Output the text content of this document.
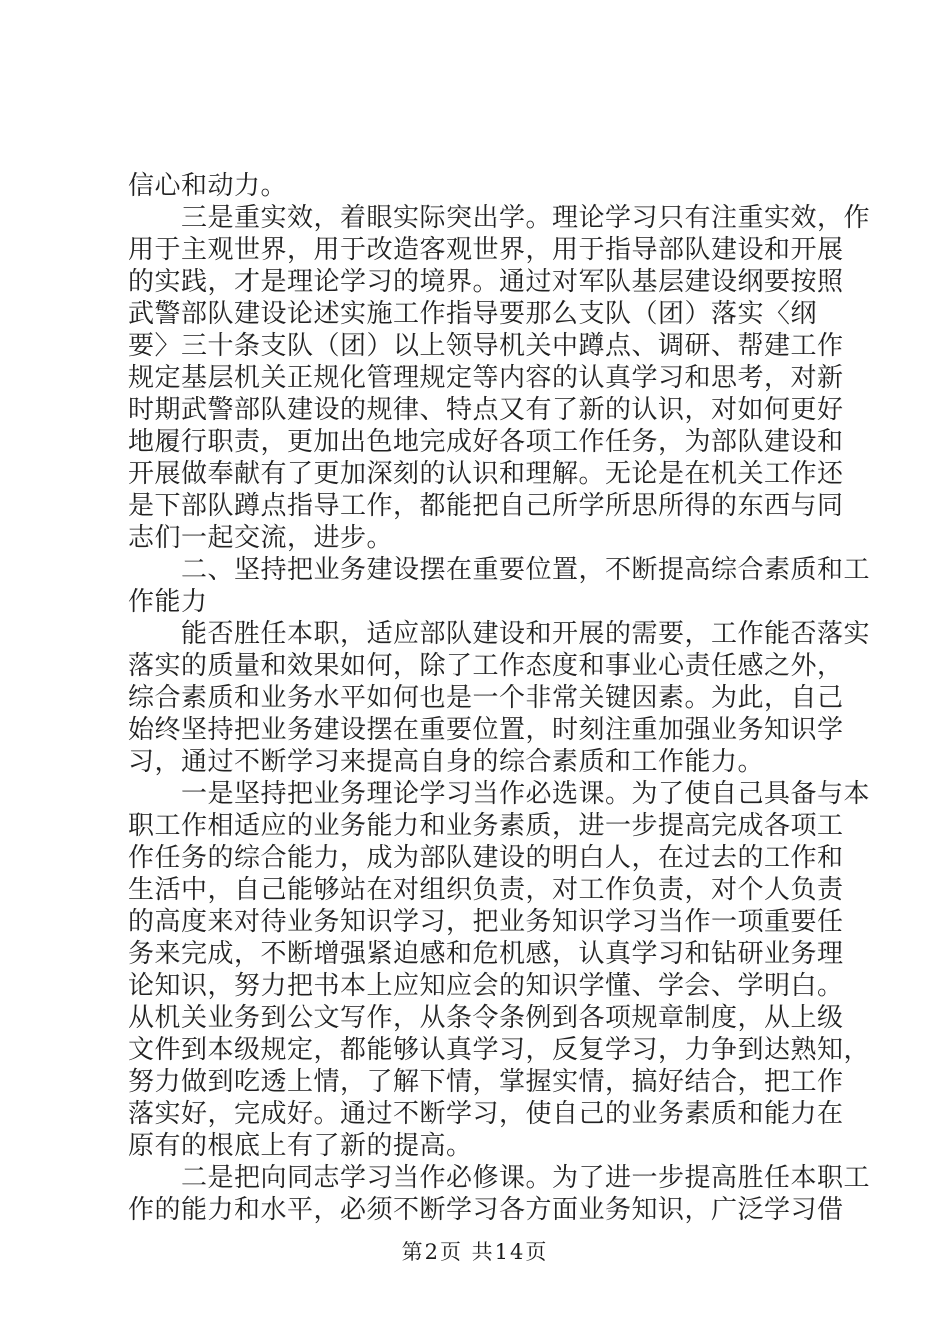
信心和动力。
　　三是重实效，着眼实际突出学。理论学习只有注重实效，作
用于主观世界，用于改造客观世界，用于指导部队建设和开展
的实践，才是理论学习的境界。通过对军队基层建设纲要按照
武警部队建设论述实施工作指导要那么支队（团）落实〈纲
要〉三十条支队（团）以上领导机关中蹲点、调研、帮建工作
规定基层机关正规化管理规定等内容的认真学习和思考，对新
时期武警部队建设的规律、特点又有了新的认识，对如何更好
地履行职责，更加出色地完成好各项工作任务，为部队建设和
开展做奉献有了更加深刻的认识和理解。无论是在机关工作还
是下部队蹲点指导工作，都能把自己所学所思所得的东西与同
志们一起交流，进步。
　　二、坚持把业务建设摆在重要位置，不断提高综合素质和工
作能力
　　能否胜任本职，适应部队建设和开展的需要，工作能否落实
落实的质量和效果如何，除了工作态度和事业心责任感之外，
综合素质和业务水平如何也是一个非常关键因素。为此，自己
始终坚持把业务建设摆在重要位置，时刻注重加强业务知识学
习，通过不断学习来提高自身的综合素质和工作能力。
　　一是坚持把业务理论学习当作必选课。为了使自己具备与本
职工作相适应的业务能力和业务素质，进一步提高完成各项工
作任务的综合能力，成为部队建设的明白人，在过去的工作和
生活中，自己能够站在对组织负责，对工作负责，对个人负责
的高度来对待业务知识学习，把业务知识学习当作一项重要任
务来完成，不断增强紧迫感和危机感，认真学习和钻研业务理
论知识，努力把书本上应知应会的知识学懂、学会、学明白。
从机关业务到公文写作，从条令条例到各项规章制度，从上级
文件到本级规定，都能够认真学习，反复学习，力争到达熟知，
努力做到吃透上情，了解下情，掌握实情，搞好结合，把工作
落实好，完成好。通过不断学习，使自己的业务素质和能力在
原有的根底上有了新的提高。
　　二是把向同志学习当作必修课。为了进一步提高胜任本职工
作的能力和水平，必须不断学习各方面业务知识，广泛学习借
第2页 共14页
